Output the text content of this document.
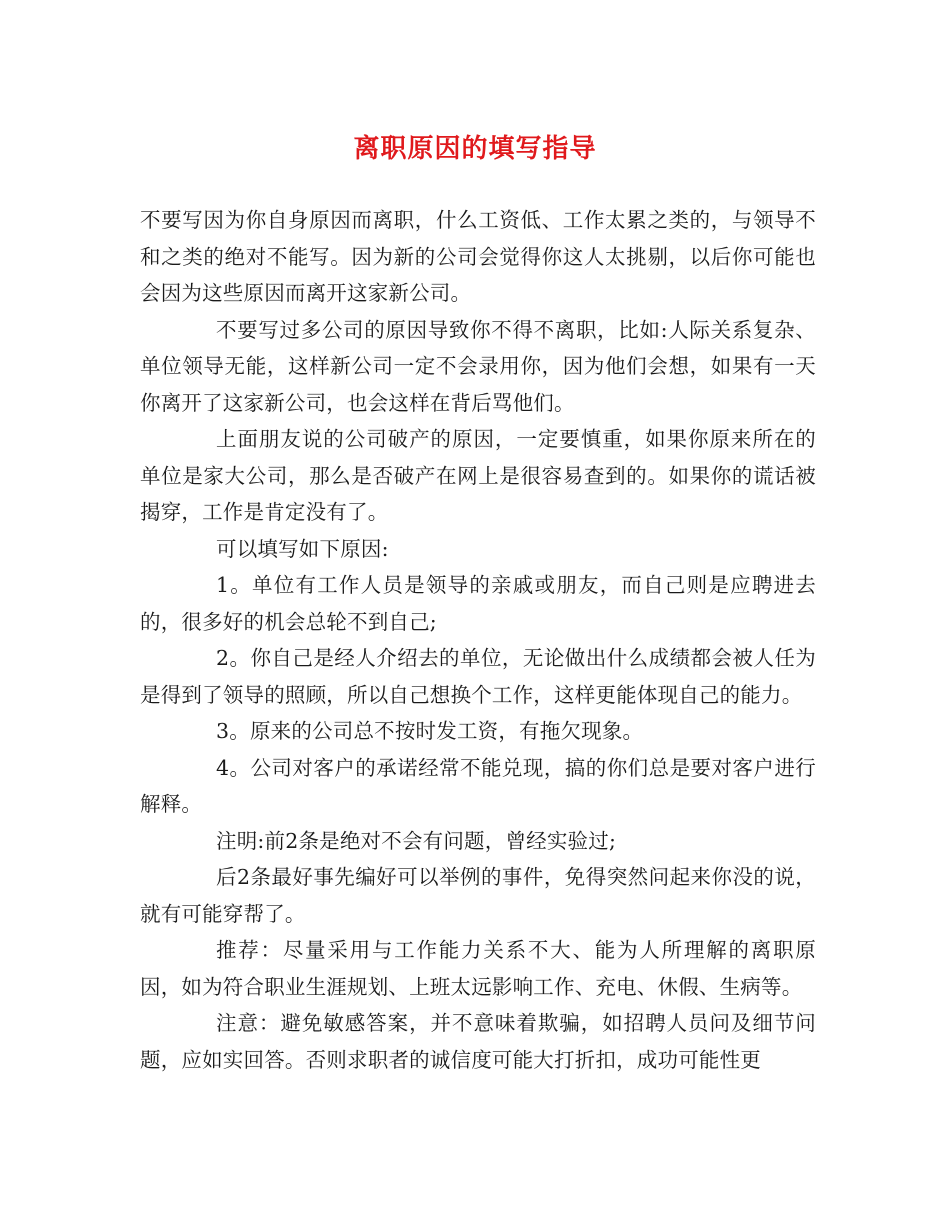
离职原因的填写指导

不要写因为你自身原因而离职，什么工资低、工作太累之类的，与领导不和之类的绝对不能写。因为新的公司会觉得你这人太挑剔，以后你可能也会因为这些原因而离开这家新公司。

不要写过多公司的原因导致你不得不离职，比如:人际关系复杂、单位领导无能，这样新公司一定不会录用你，因为他们会想，如果有一天你离开了这家新公司，也会这样在背后骂他们。

上面朋友说的公司破产的原因，一定要慎重，如果你原来所在的单位是家大公司，那么是否破产在网上是很容易查到的。如果你的谎话被揭穿，工作是肯定没有了。

可以填写如下原因:

1。单位有工作人员是领导的亲戚或朋友，而自己则是应聘进去的，很多好的机会总轮不到自己;

2。你自己是经人介绍去的单位，无论做出什么成绩都会被人任为是得到了领导的照顾，所以自己想换个工作，这样更能体现自己的能力。

3。原来的公司总不按时发工资，有拖欠现象。

4。公司对客户的承诺经常不能兑现，搞的你们总是要对客户进行解释。

注明:前2条是绝对不会有问题，曾经实验过;

后2条最好事先编好可以举例的事件，免得突然问起来你没的说，就有可能穿帮了。

推荐：尽量采用与工作能力关系不大、能为人所理解的离职原因，如为符合职业生涯规划、上班太远影响工作、充电、休假、生病等。

注意：避免敏感答案，并不意味着欺骗，如招聘人员问及细节问题，应如实回答。否则求职者的诚信度可能大打折扣，成功可能性更
